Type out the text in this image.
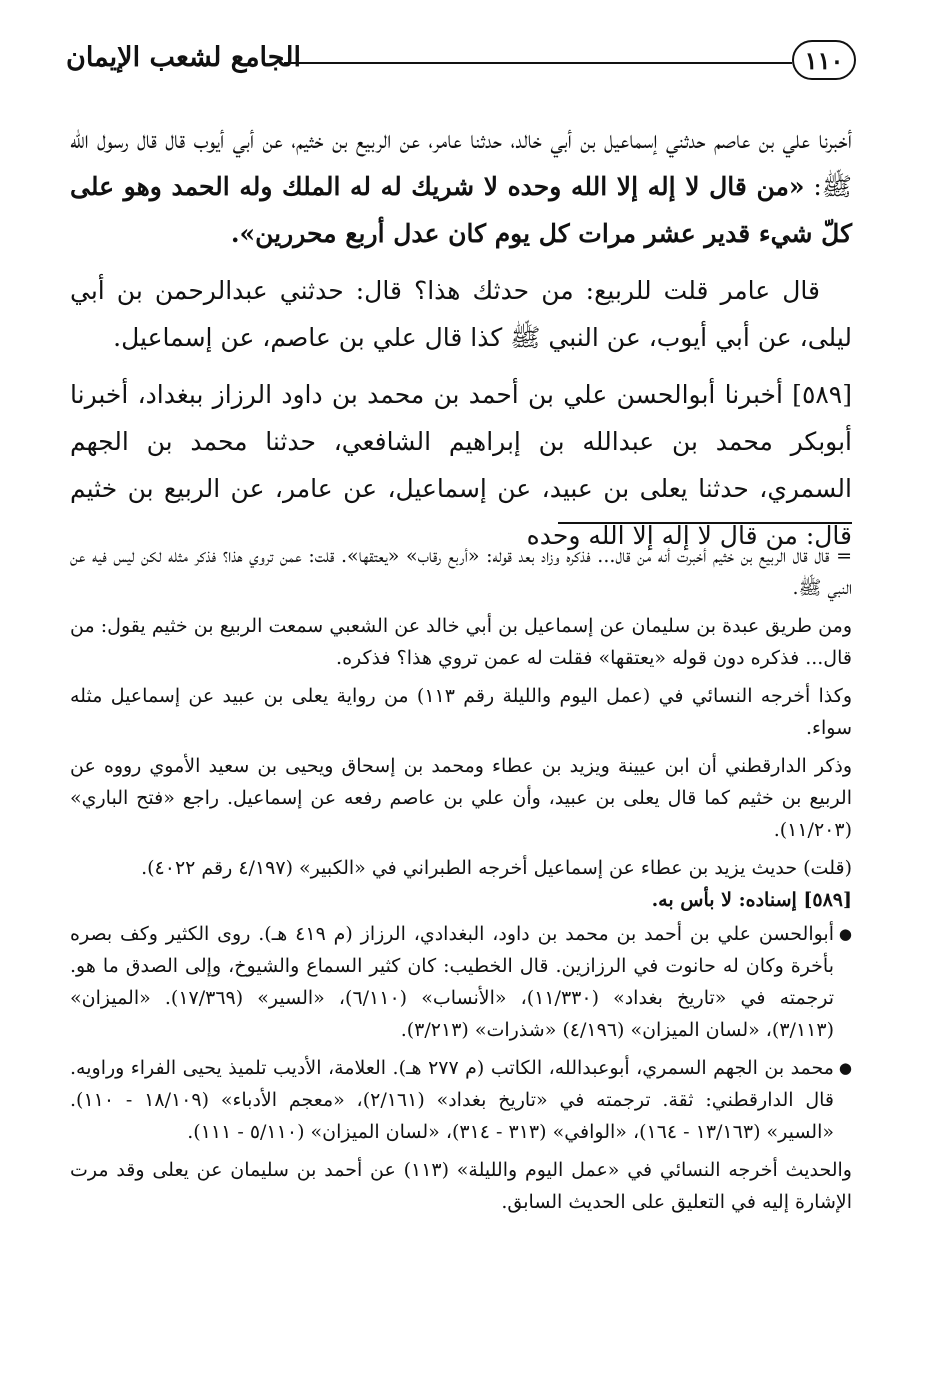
١١٠
الجامع لشعب الإيمان

أخبرنا علي بن عاصم حدثني إسماعيل بن أبي خالد، حدثنا عامر، عن الربيع بن خثيم، عن أبي أيوب قال قال رسول الله ﷺ: «من قال لا إله إلا الله وحده لا شريك له له الملك وله الحمد وهو على كلّ شيء قدير عشر مرات كل يوم كان عدل أربع محررين».

قال عامر قلت للربيع: من حدثك هذا؟ قال: حدثني عبدالرحمن بن أبي ليلى، عن أبي أيوب، عن النبي ﷺ كذا قال علي بن عاصم، عن إسماعيل.

[٥٨٩] أخبرنا أبوالحسن علي بن أحمد بن محمد بن داود الرزاز ببغداد، أخبرنا أبوبكر محمد بن عبدالله بن إبراهيم الشافعي، حدثنا محمد بن الجهم السمري، حدثنا يعلى بن عبيد، عن إسماعيل، عن عامر، عن الربيع بن خثيم قال: من قال لا إله إلا الله وحده

= قال قال الربيع بن خثيم أخبرت أنه من قال... فذكره وزاد بعد قوله: «أربع رقاب» «يعتقها». قلت: عمن تروي هذا؟ فذكر مثله لكن ليس فيه عن النبي ﷺ.

ومن طريق عبدة بن سليمان عن إسماعيل بن أبي خالد عن الشعبي سمعت الربيع بن خثيم يقول: من قال... فذكره دون قوله «يعتقها» فقلت له عمن تروي هذا؟ فذكره.

وكذا أخرجه النسائي في (عمل اليوم والليلة رقم ١١٣) من رواية يعلى بن عبيد عن إسماعيل مثله سواء.

وذكر الدارقطني أن ابن عيينة ويزيد بن عطاء ومحمد بن إسحاق ويحيى بن سعيد الأموي رووه عن الربيع بن خثيم كما قال يعلى بن عبيد، وأن علي بن عاصم رفعه عن إسماعيل. راجع «فتح الباري» (١١/٢٠٣).

(قلت) حديث يزيد بن عطاء عن إسماعيل أخرجه الطبراني في «الكبير» (٤/١٩٧ رقم ٤٠٢٢).

[٥٨٩] إسناده: لا بأس به.

●
أبوالحسن علي بن أحمد بن محمد بن داود، البغدادي، الرزاز (م ٤١٩ هـ). روى الكثير وكف بصره بأخرة وكان له حانوت في الرزازين. قال الخطيب: كان كثير السماع والشيوخ، وإلى الصدق ما هو. ترجمته في «تاريخ بغداد» (١١/٣٣٠)، «الأنساب» (٦/١١٠)، «السير» (١٧/٣٦٩). «الميزان» (٣/١١٣)، «لسان الميزان» (٤/١٩٦) «شذرات» (٣/٢١٣).
●
محمد بن الجهم السمري، أبوعبدالله، الكاتب (م ٢٧٧ هـ). العلامة، الأديب تلميذ يحيى الفراء وراويه. قال الدارقطني: ثقة. ترجمته في «تاريخ بغداد» (٢/١٦١)، «معجم الأدباء» (١٨/١٠٩ - ١١٠). «السير» (١٣/١٦٣ - ١٦٤)، «الوافي» (٣١٣ - ٣١٤)، «لسان الميزان» (٥/١١٠ - ١١١).

والحديث أخرجه النسائي في «عمل اليوم والليلة» (١١٣) عن أحمد بن سليمان عن يعلى وقد مرت الإشارة إليه في التعليق على الحديث السابق.
